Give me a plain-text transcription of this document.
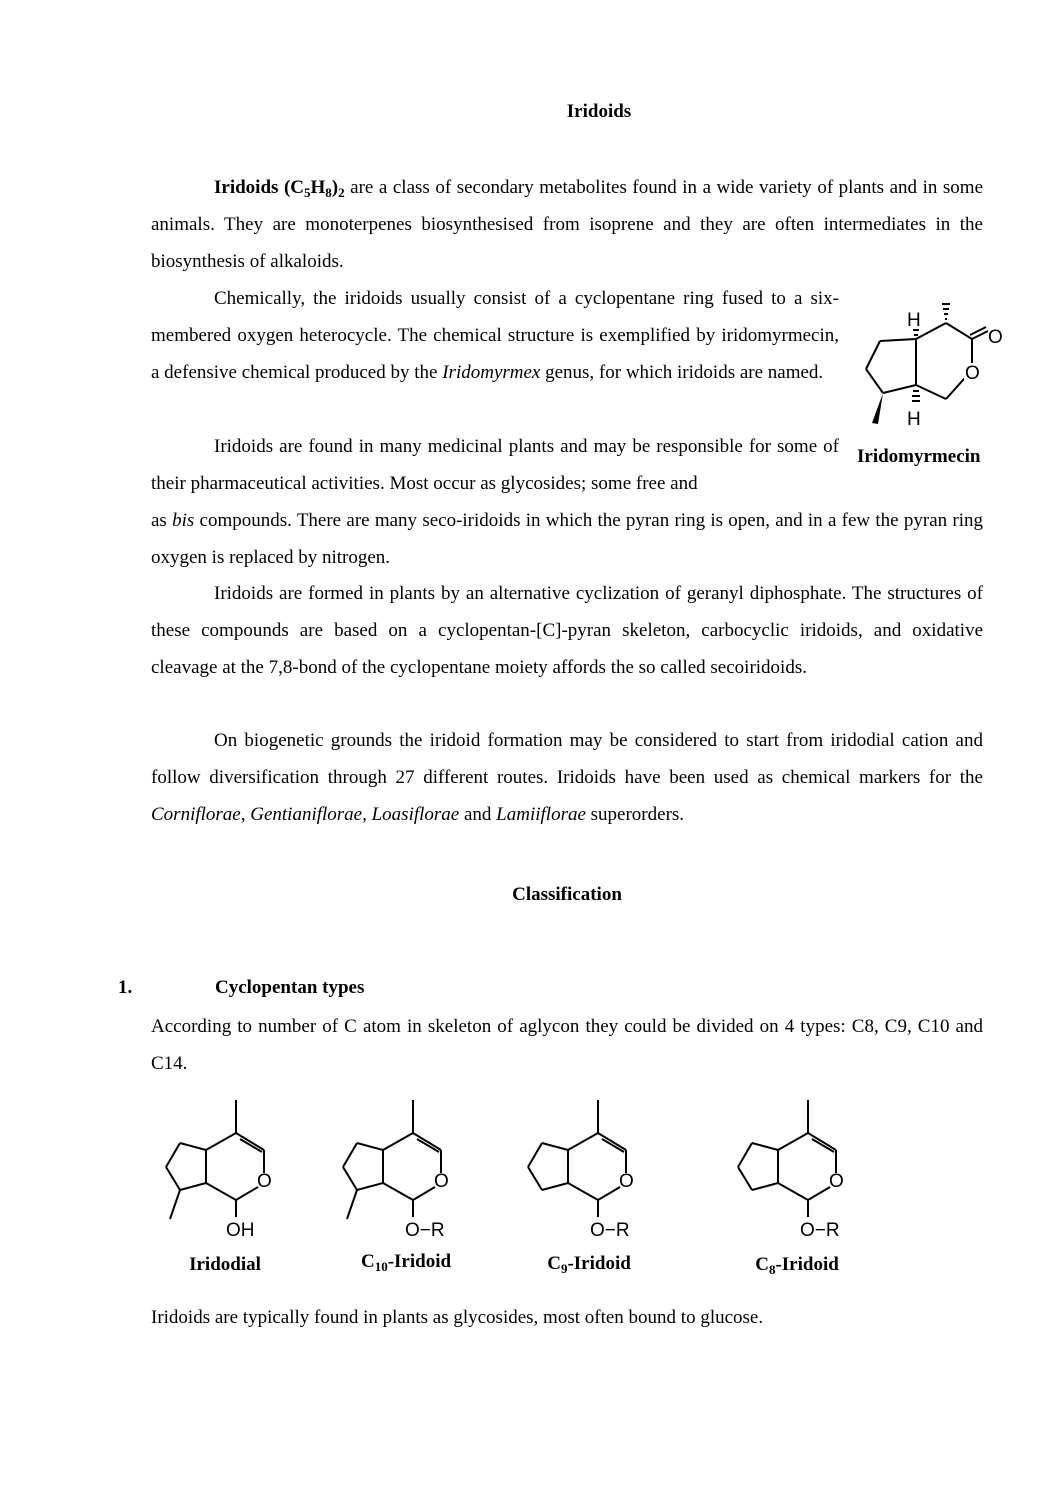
Iridoids

Iridoids $(C_5H_8)_2$ are a class of secondary metabolites found in a wide variety of plants and in some animals. They are monoterpenes biosynthesised from isoprene and they are often intermediates in the biosynthesis of alkaloids.

Chemically, the iridoids usually consist of a cyclopentane ring fused to a six-membered oxygen heterocycle. The chemical structure is exemplified by iridomyrmecin, a defensive chemical produced by the Iridomyrmex genus, for which iridoids are named.

Iridoids are found in many medicinal plants and may be responsible for some of their pharmaceutical activities. Most occur as glycosides; some free and

as bis compounds. There are many seco-iridoids in which the pyran ring is open, and in a few the pyran ring oxygen is replaced by nitrogen.

Iridoids are formed in plants by an alternative cyclization of geranyl diphosphate. The structures of these compounds are based on a cyclopentan-[C]-pyran skeleton, carbocyclic iridoids, and oxidative cleavage at the 7,8-bond of the cyclopentane moiety affords the so called secoiridoids.

On biogenetic grounds the iridoid formation may be considered to start from iridodial cation and follow diversification through 27 different routes. Iridoids have been used as chemical markers for the Corniflorae, Gentianiflorae, Loasiflorae and Lamiiflorae superorders.

H
H
O
O
Iridomyrmecin
Classification
1.	Cyclopentan types

According to number of C atom in skeleton of aglycon they could be divided on 4 types: C8, C9, C10 and C14.

O
OH
O
O−R
O
O−R
O
O−R
Iridodial	$C_{10}$-Iridoid	$C_9$-Iridoid	$C_8$-Iridoid

Iridoids are typically found in plants as glycosides, most often bound to glucose.
